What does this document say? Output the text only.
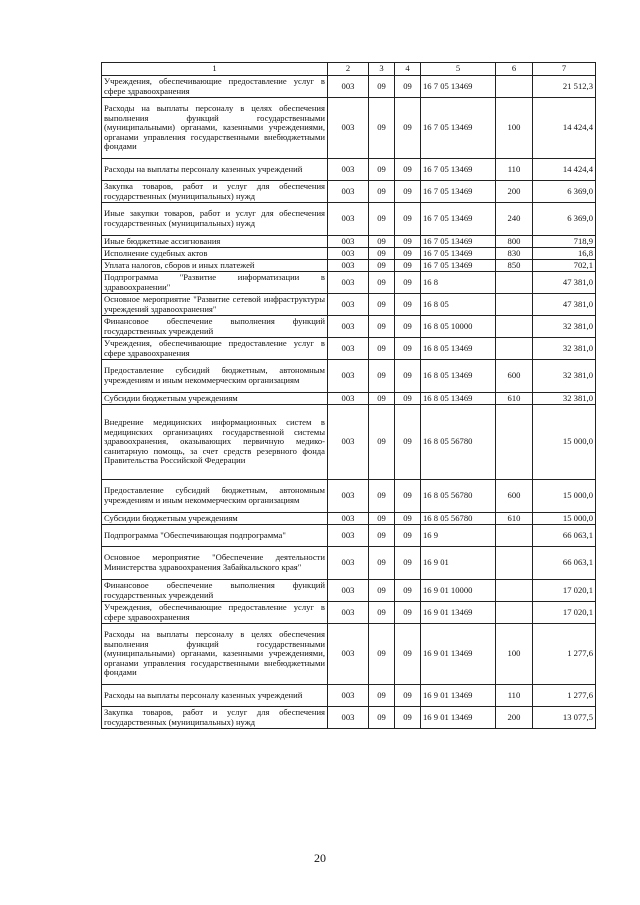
1	2	3	4	5	6	7
Учреждения, обеспечивающие предоставление услуг в сфере здравоохранения	003	09	09	16 7 05 13469		21 512,3
Расходы на выплаты персоналу в целях обеспечения выполнения функций государственными (муниципальными) органами, казенными учреждениями, органами управления государственными внебюджетными фондами	003	09	09	16 7 05 13469	100	14 424,4
Расходы на выплаты персоналу казенных учреждений	003	09	09	16 7 05 13469	110	14 424,4
Закупка товаров, работ и услуг для обеспечения государственных (муниципальных) нужд	003	09	09	16 7 05 13469	200	6 369,0
Иные закупки товаров, работ и услуг для обеспечения государственных (муниципальных) нужд	003	09	09	16 7 05 13469	240	6 369,0
Иные бюджетные ассигнования	003	09	09	16 7 05 13469	800	718,9
Исполнение судебных актов	003	09	09	16 7 05 13469	830	16,8
Уплата налогов, сборов и иных платежей	003	09	09	16 7 05 13469	850	702,1
Подпрограмма "Развитие информатизации в здравоохранении"	003	09	09	16 8		47 381,0
Основное мероприятие "Развитие сетевой инфраструктуры учреждений здравоохранения"	003	09	09	16 8 05		47 381,0
Финансовое обеспечение выполнения функций государственных учреждений	003	09	09	16 8 05 10000		32 381,0
Учреждения, обеспечивающие предоставление услуг в сфере здравоохранения	003	09	09	16 8 05 13469		32 381,0
Предоставление субсидий бюджетным, автономным учреждениям и иным некоммерческим организациям	003	09	09	16 8 05 13469	600	32 381,0
Субсидии бюджетным учреждениям	003	09	09	16 8 05 13469	610	32 381,0
Внедрение медицинских информационных систем в медицинских организациях государственной системы здравоохранения, оказывающих первичную медико-санитарную помощь, за счет средств резервного фонда Правительства Российской Федерации	003	09	09	16 8 05 56780		15 000,0
Предоставление субсидий бюджетным, автономным учреждениям и иным некоммерческим организациям	003	09	09	16 8 05 56780	600	15 000,0
Субсидии бюджетным учреждениям	003	09	09	16 8 05 56780	610	15 000,0
Подпрограмма "Обеспечивающая подпрограмма"	003	09	09	16 9		66 063,1
Основное мероприятие "Обеспечение деятельности Министерства здравоохранения Забайкальского края"	003	09	09	16 9 01		66 063,1
Финансовое обеспечение выполнения функций государственных учреждений	003	09	09	16 9 01 10000		17 020,1
Учреждения, обеспечивающие предоставление услуг в сфере здравоохранения	003	09	09	16 9 01 13469		17 020,1
Расходы на выплаты персоналу в целях обеспечения выполнения функций государственными (муниципальными) органами, казенными учреждениями, органами управления государственными внебюджетными фондами	003	09	09	16 9 01 13469	100	1 277,6
Расходы на выплаты персоналу казенных учреждений	003	09	09	16 9 01 13469	110	1 277,6
Закупка товаров, работ и услуг для обеспечения государственных (муниципальных) нужд	003	09	09	16 9 01 13469	200	13 077,5
20
